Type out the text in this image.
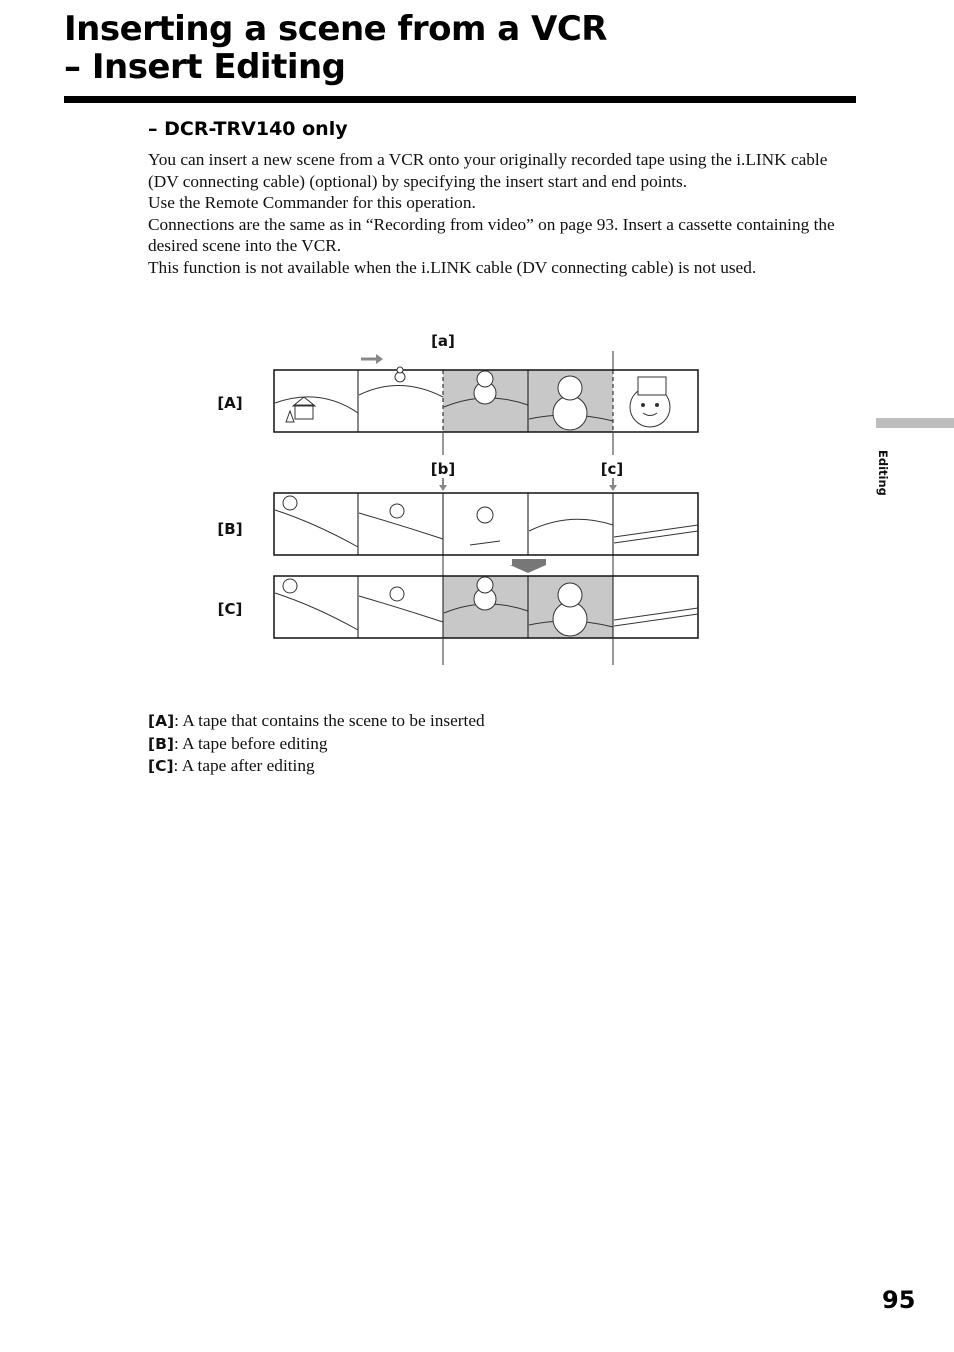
Inserting a scene from a VCR
– Insert Editing
– DCR-TRV140 only

You can insert a new scene from a VCR onto your originally recorded tape using the i.LINK cable (DV connecting cable) (optional) by specifying the insert start and end points.

Use the Remote Commander for this operation.

Connections are the same as in “Recording from video” on page 93. Insert a cassette containing the desired scene into the VCR.

This function is not available when the i.LINK cable (DV connecting cable) is not used.

[a]
[b]	[c]
[A]
[B]
[C]
[A]: A tape that contains the scene to be inserted
[B]: A tape before editing
[C]: A tape after editing
Editing
95
